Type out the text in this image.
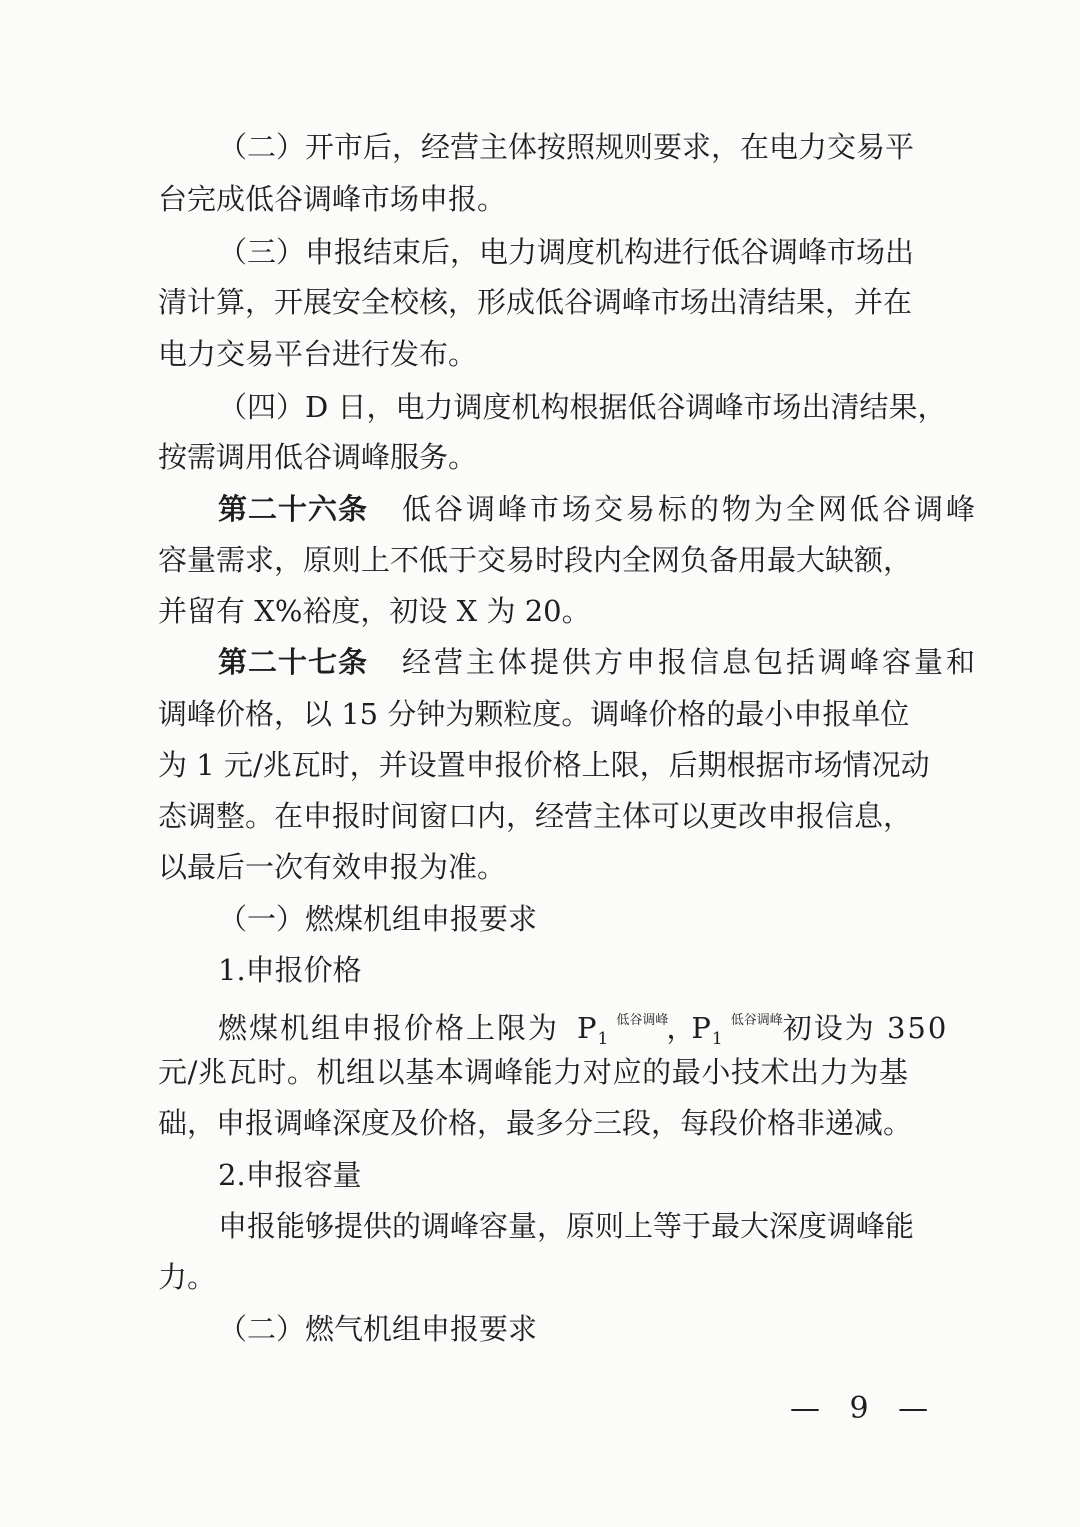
（二）开市后，经营主体按照规则要求，在电力交易平
台完成低谷调峰市场申报。
（三）申报结束后，电力调度机构进行低谷调峰市场出
清计算，开展安全校核，形成低谷调峰市场出清结果，并在
电力交易平台进行发布。
（四）D 日，电力调度机构根据低谷调峰市场出清结果，
按需调用低谷调峰服务。
第二十六条 低谷调峰市场交易标的物为全网低谷调峰
容量需求，原则上不低于交易时段内全网负备用最大缺额，
并留有 X%裕度，初设 X 为 20。
第二十七条 经营主体提供方申报信息包括调峰容量和
调峰价格，以 15 分钟为颗粒度。调峰价格的最小申报单位
为 1 元/兆瓦时，并设置申报价格上限，后期根据市场情况动
态调整。在申报时间窗口内，经营主体可以更改申报信息，
以最后一次有效申报为准。
（一）燃煤机组申报要求
1.申报价格
燃煤机组申报价格上限为 $P_1^{低谷调峰}$，$P_1^{低谷调峰}$初设为 350
元/兆瓦时。机组以基本调峰能力对应的最小技术出力为基
础，申报调峰深度及价格，最多分三段，每段价格非递减。
2.申报容量
申报能够提供的调峰容量，原则上等于最大深度调峰能
力。
（二）燃气机组申报要求
— 9 —
